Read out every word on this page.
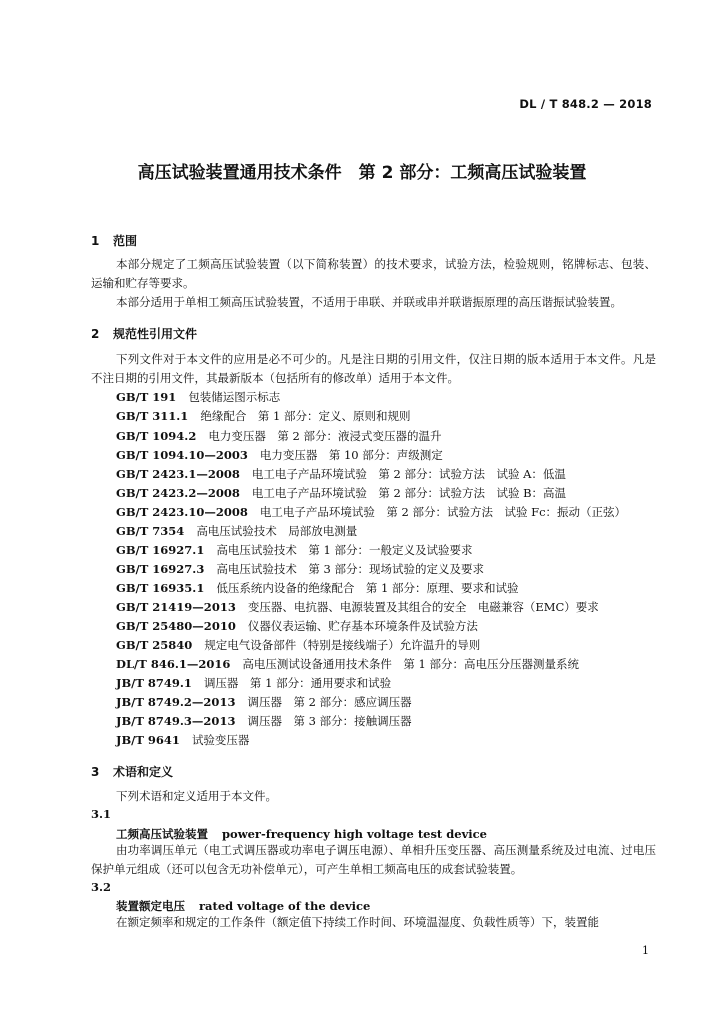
DL / T 848.2 — 2018
高压试验装置通用技术条件　第 2 部分：工频高压试验装置
1 范围
本部分规定了工频高压试验装置（以下简称装置）的技术要求，试验方法，检验规则，铭牌标志、包装、运输和贮存等要求。
本部分适用于单相工频高压试验装置，不适用于串联、并联或串并联谐振原理的高压谐振试验装置。
2 规范性引用文件
下列文件对于本文件的应用是必不可少的。凡是注日期的引用文件，仅注日期的版本适用于本文件。凡是不注日期的引用文件，其最新版本（包括所有的修改单）适用于本文件。
GB/T 191 包装储运图示标志
GB/T 311.1 绝缘配合　第 1 部分：定义、原则和规则
GB/T 1094.2 电力变压器　第 2 部分：液浸式变压器的温升
GB/T 1094.10—2003 电力变压器　第 10 部分：声级测定
GB/T 2423.1—2008 电工电子产品环境试验　第 2 部分：试验方法　试验 A：低温
GB/T 2423.2—2008 电工电子产品环境试验　第 2 部分：试验方法　试验 B：高温
GB/T 2423.10—2008 电工电子产品环境试验　第 2 部分：试验方法　试验 Fc：振动（正弦）
GB/T 7354 高电压试验技术　局部放电测量
GB/T 16927.1 高电压试验技术　第 1 部分：一般定义及试验要求
GB/T 16927.3 高电压试验技术　第 3 部分：现场试验的定义及要求
GB/T 16935.1 低压系统内设备的绝缘配合　第 1 部分：原理、要求和试验
GB/T 21419—2013 变压器、电抗器、电源装置及其组合的安全　电磁兼容（EMC）要求
GB/T 25480—2010 仪器仪表运输、贮存基本环境条件及试验方法
GB/T 25840 规定电气设备部件（特别是接线端子）允许温升的导则
DL/T 846.1—2016 高电压测试设备通用技术条件　第 1 部分：高电压分压器测量系统
JB/T 8749.1 调压器　第 1 部分：通用要求和试验
JB/T 8749.2—2013 调压器　第 2 部分：感应调压器
JB/T 8749.3—2013 调压器　第 3 部分：接触调压器
JB/T 9641 试验变压器
3 术语和定义
下列术语和定义适用于本文件。
3.1
工频高压试验装置 power-frequency high voltage test device
由功率调压单元（电工式调压器或功率电子调压电源）、单相升压变压器、高压测量系统及过电流、过电压保护单元组成（还可以包含无功补偿单元），可产生单相工频高电压的成套试验装置。
3.2
装置额定电压 rated voltage of the device
在额定频率和规定的工作条件（额定值下持续工作时间、环境温湿度、负载性质等）下，装置能
1
